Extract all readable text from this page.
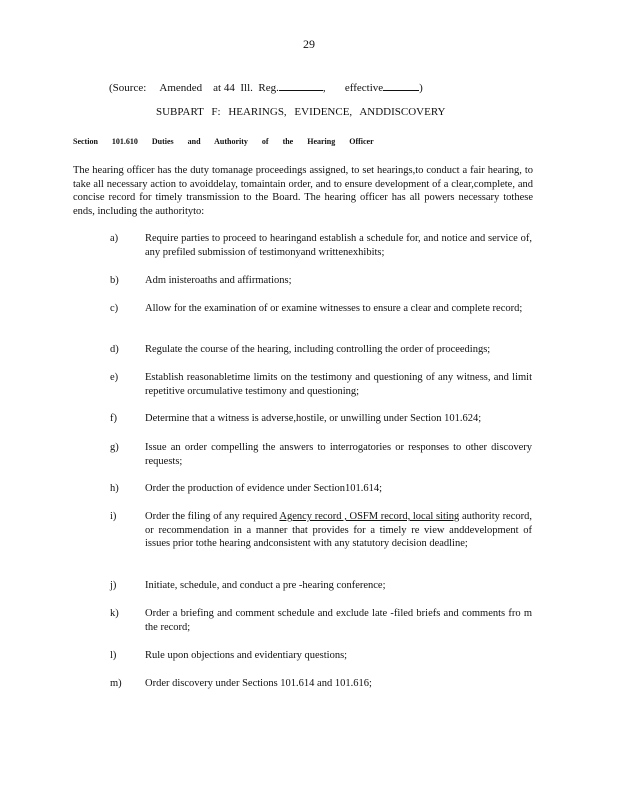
29
(Source:     Amended    at 44  Ill.  Reg.	,       effective	)
SUBPART F: HEARINGS, EVIDENCE, ANDDISCOVERY
Section 101.610 Duties and Authority of the Hearing Officer
The hearing officer has the duty tomanage proceedings assigned, to set hearings,to conduct a fair hearing, to take all necessary action to avoiddelay, tomaintain order, and to ensure development of a clear,complete, and concise record for timely transmission to the Board. The hearing officer has all powers necessary tothese ends, including the authorityto:
a)	Require parties to proceed to hearingand establish a schedule for, and notice and service of, any prefiled submission of testimonyand writtenexhibits;
b)	Adm inisteroaths and affirmations;
c)	Allow for the examination of or examine witnesses to ensure a clear and complete record;
d)	Regulate the course of the hearing, including controlling the order of proceedings;
e)	Establish reasonabletime limits on the testimony and questioning of any witness, and limit repetitive orcumulative testimony and questioning;
f)	Determine that a witness is adverse,hostile, or unwilling under Section 101.624;
g)	Issue an order compelling the answers to interrogatories or responses to other discovery requests;
h)	Order the production of evidence under Section101.614;
i)	Order the filing of any required Agency record , OSFM record, local siting authority record, or recommendation in a manner that provides for a timely re view anddevelopment of issues prior tothe hearing andconsistent with any statutory decision deadline;
j)	Initiate, schedule, and conduct a pre -hearing conference;
k)	Order a briefing and comment schedule and exclude late -filed briefs and comments fro m the record;
l)	Rule upon objections and evidentiary questions;
m)	Order discovery under Sections 101.614 and 101.616;
